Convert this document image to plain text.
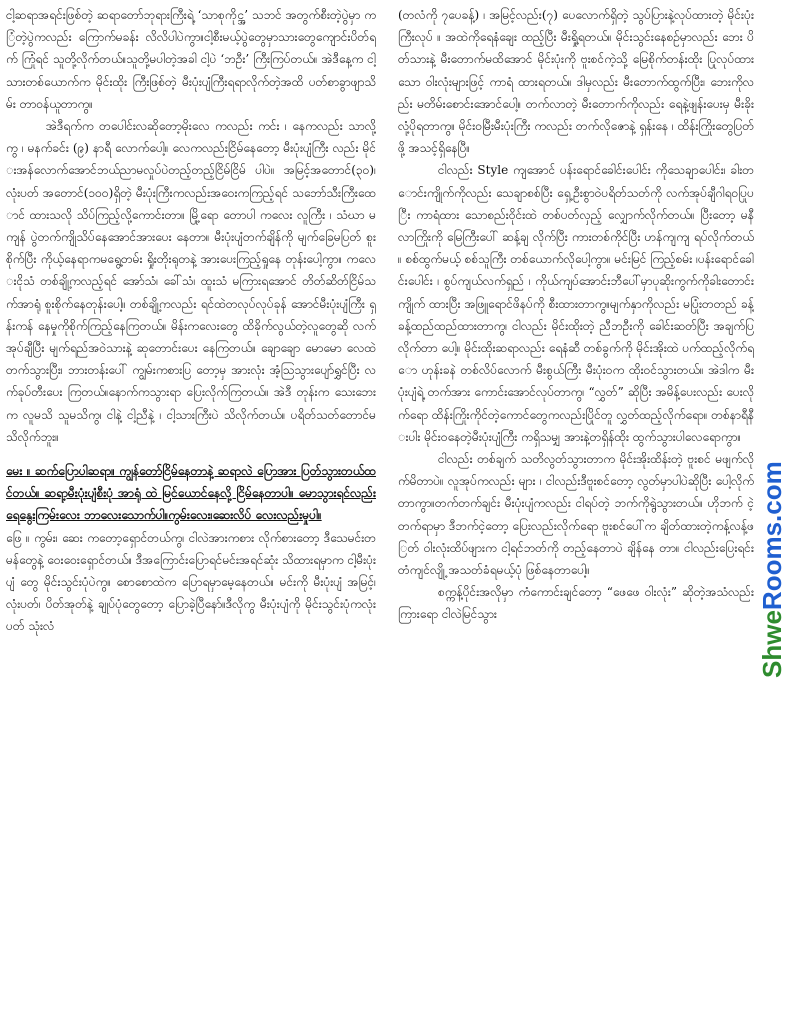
ငါ့ဆရာအရင်းဖြစ်တဲ့ ဆရာတော်ဘုရားကြီးရဲ့ ‘သာစုကိုင္အ’ သဘင် အတွက်စီးတဲ့ပွဲမှာ ကြံတဲ့ပွဲကလည်း ကြောက်မခန်း လိလိပါပဲကွာ။ငါ့စီးမယ့်ပွဲတွေမှာသားတွေကျောင်းပိတ်ရက် ကြုံရင် သူတို့လိုက်တယ်။သူတို့မပါတဲ့အခါ ငါ့ပဲ ‘ဘဦး’ ကြီးကြပ်တယ်။ အဲဒီနေ့က ငါ့သားတစ်ယောက်က မိုင်းထိုး ကြီးဖြစ်တဲ့ မီးပုံးပျံကြီးရရာလိုက်တဲ့အထိ ပတ်စာခွာဖျာသိမ်း တာဝန်ယူတာကွ။

အဲဒီရက်က တပေါင်းလဆိုတော့မိုးလေ ကလည်း ကင်း ၊ နေကလည်း သာလို့ကွ ၊ မနက်ခင်း (၉) နာရီ လောက်ပေါ့။ လေကလည်းငြိမ်နေတော့ မီးပုံးပျံကြီး လည်း မိုင်းအန်လောက်အောင်ဘယ်ညာမလှုပ်ပဲတည့်တည့်ငြိမ်ငြိမ် ပါပဲ။ အမြင့်အတောင်(၃၀)၊ လုံးပတ် အတောင်(၁၀၀)ရှိတဲ့ မီးပုံးကြီးကလည်းအဝေးကကြည့်ရင် သဘော်သီးကြီးထောင် ထားသလို သိပ်ကြည့်လို့ကောင်းတာ။ မြို့ရော တောပါ ကလေး လူကြီး ၊ သံဃာ မကျန် ပွဲတက်ကျိုသိပ်နေအောင်အားပေး နေတာ။ မီးပုံးပျံတက်ချိန်ကို မျက်ခြေမပြတ် စူးစိုက်ပြီး ကိုယ့်နေရာကမရွေ့တမ်း ရှိုးတိုးရုတနဲ့ အားပေးကြည့်ရှုနေ တုန်းပေါ့ကွာ။ ကလေးငိုသံ တစ်ချို့ကလည့်ရင် အော်သံ၊ ခေါ်သံ၊ ထူးသံ မကြားရအောင် တိတ်ဆိတ်ငြိမ်သက်အာရုံ စူးစိုက်နေတုန်းပေါ့။ တစ်ချို့ကလည်း ရင်ထဲတလုပ်လုပ်ခုန် အောင်မီးပုံးပျံကြီး ရှန်းကန် နေမှုကိုစိုက်ကြည့်နေကြတယ်။ မိန်းကလေးတွေ ထိခိုက်လွယ်တဲ့လူတွေဆို လက်အုပ်ချီပြီး မျက်ရည်အဝဲသားနဲ့ ဆုတောင်းပေး နေကြတယ်။ ချောချော မောမော လေထဲတက်သွားပြီး၊ ဘားတန်းပေါ် ကျွမ်းကစားပြ တော့မှ အားလုံး အံ့သြသွားပျော်ရွှင်ပြီး လက်ခုပ်တီးပေး ကြတယ်။နောက်ကသွားရာ ပြေးလိုက်ကြတယ်။ အဲဒီ တုန်းက သေးဘေးက လူမသိ သူမသိကွ၊ ငါနဲ့ ငါ့ညီနဲ့ ၊ ငါ့သားကြီးပဲ သိလိုက်တယ်။ ပရိတ်သတ်တောင်မသိလိုက်ဘူး။

မေး ။ ဆက်ပြောပါဆရာ။ ကျွန်တော်ငြိမ်နေတာနဲ့ ဆရာလဲ ပြောအား ပြတ်သွားတယ်ထင်တယ်။ ဆရာ့မီးပုံးပျံစီးပုံ အာရုံ ထဲ မြင်ယောင်နေလို့ ငြိမ်နေတာပါ။ မောသွားရင်လည်း ရေနွေးကြမ်းလေး ဘာလေးသောက်ပါ။ကွမ်းလေး၊ဆေးလိပ် လေးလည်းမှုပါ။

ဖြေ ။ ကွမ်း၊ ဆေး ကတော့ရှောင်တယ်ကွ၊ ငါလဲအားကစား လိုက်စားတော့ ဒီသေမင်းတမန်တွေနဲ့ ဝေးဝေးရှောင်တယ်။ ဒီအကြောင်းပြောရင်မင်းအရင်ဆုံး သိထားရမှာက ငါ့မီးပုံးပျံ တွေ မိုင်းသွင်းပုံပဲကွ။ စောစောထဲက ပြောရမှာမေ့နေတယ်။ မင်းကို မီးပုံးပျံ အမြင့်၊ လုံးပတ်၊ ပိတ်အုတ်နဲ့ ချုပ်ပုံတွေတော့ ပြောခဲ့ပြီနော်။ဒီလိုကွ မီးပုံးပျံကို မိုင်းသွင်းပုံကလုံးပတ် သုံးလံ

(တလံကို ၇ပေခန့်) ၊ အမြင့်လည်း(၇) ပေလောက်ရှိတဲ့ သွပ်ပြားနဲ့လုပ်ထားတဲ့ မိုင်းပုံးကြီးလုပ် ။ အထဲကိုရေနံချေး ထည့်ပြီး မီးရှို့ရတယ်။ မိုင်းသွင်းနေစဉ်မှာလည်း ဘေး ပိတ်သားနဲ့ မီးတောက်မထိအောင် မိုင်းပုံးကို ဗူးစင်ကဲ့သို့ မြေစိုက်တန်းထိုး ပြုလုပ်ထားသော ဝါးလုံးများဖြင့် ကာရံ ထားရတယ်။ ဒါမှလည်း မီးတောက်ထွက်ပြီး၊ ဘေးကိုလည်း မတိမ်းစောင်းအောင်ပေါ့။ တက်လာတဲ့ မီးတောက်ကိုလည်း ရေနဲ့ဖျန်းပေးမှ မီးခိုးလုံ့ပိုရတာကွ။ မိုင်းဝမြီးမီးပုံးကြီး ကလည်း တက်လိုဇောနဲ့ ရှန်းနေ ၊ ထိန်းကြိုးတွေပြတ်ဖို့ အသင့်ရှိနေပြီ။

ငါလည်း Style ကျအောင် ပန်းရောင်ခေါင်းပေါင်း ကိုသေချာပေါင်း၊ ခါးတောင်းကျိုက်ကိုလည်း သေချာစစ်ပြီး ရှေ့ဦးစွာဝဲပရိတ်သတ်ကို လက်အုပ်ချီဂါရဝပြုပြီး ကာရံထား သောစည်းဝိုင်းထဲ တစ်ပတ်လှည့် လျှောက်လိုက်တယ်။ ပြီးတော့ မနီလာကြိုးကို မြေကြီးပေါ် ဆန့်ချ လိုက်ပြီး ကားတစ်ကိုင်ပြီး ဟန်ကျကျ ရပ်လိုက်တယ်။ စစ်ထွက်မယ့် စစ်သူကြီး တစ်ယောက်လိုပေါ့ကွာ။ မင်းမြင် ကြည့်စမ်း ၊ပန်းရောင်ခေါင်းပေါင်း ၊ စွပ်ကျယ်လက်ရှည် ၊ ကိုယ်ကျပ်အောင်းဘီပေါ်မှာပုဆိုးကွက်ကိုခါးတောင်းကျိုက် ထားပြီး အဖြူရောင်ဖိနပ်ကို စီးထားတာကွ။မျက်နှာကိုလည်း မပြုံးတတည် ခန့်ခန့်ထည်ထည်ထားတာကွ၊ ငါလည်း မိုင်းထိုးတဲ့ ညီဘဦးကို ခေါင်းဆတ်ပြီး အချက်ပြ လိုက်တာ ပေါ့။ မိုင်းထိုးဆရာလည်း ရေနံဆီ တစ်ခွက်ကို မိုင်းအိုးထဲ ပက်ထည့်လိုက်ရော ဟုန်းခနဲ တစ်လိပ်လောက် မီးစွယ်ကြီး မီးပုံးဝက ထိုးဝင်သွားတယ်။ အဲဒါက မီးပုံးပျံရဲ့ တက်အား ကောင်းအောင်လုပ်တာကွ၊ “လွှတ်” ဆိုပြီး အမိန့်ပေးလည်း ပေးလိုက်ရော ထိန်းကြိုးကိုင်တဲ့ကောင်တွေကလည်းပြိုင်တူ လွှတ်ထည့်လိုက်ရော။ တစ်နာရီနီးပါး မိုင်းဝနေတဲ့မီးပုံးပျံကြီး ကရှိသမျှ အားနဲ့တရှိန်ထိုး ထွက်သွားပါလေရောကွာ။

ငါလည်း တစ်ချက် သတိလွတ်သွားတာက မိုင်းအိုးထိန်းတဲ့ ဗူးစင် မဖျက်လိုက်မိတာပဲ။ လူအုပ်ကလည်း များ ၊ ငါလည်းဒီဗူးစင်တော့ လွတ်မှာပါပဲဆိုပြီး ပေါ့လိုက် တာကွာ။တက်တက်ချင်း မီးပုံးပျံကလည်း ငါရပ်တဲ့ ဘက်ကိုရွဲသွားတယ်။ ဟိုဘက် ငဲ့ တက်ရာမှာ ဒီဘက်ငဲ့တော့ ပြေးလည်းလိုက်ရော ဗူးစင်ပေါ်က ချိတ်ထားတဲ့ကန့်လန့်ဖြတ် ဝါးလုံးထိပ်ဖျားက ငါ့ရင်ဘတ်ကို တည့်နေတာပဲ ချိန်နေ တာ။ ငါလည်းပြေးရင်း တံကျင်လျို့ အသတ်ခံရမယ့်ပုံ ဖြစ်နေတာပေါ့။

စက္ကန့်ပိုင်းအလိုမှာ ကံကောင်းချင်တော့ “ဖေဖေ ဝါးလုံး” ဆိုတဲ့အသံလည်းကြားရော ငါလဲမြင်သွား	ShweRooms.com
